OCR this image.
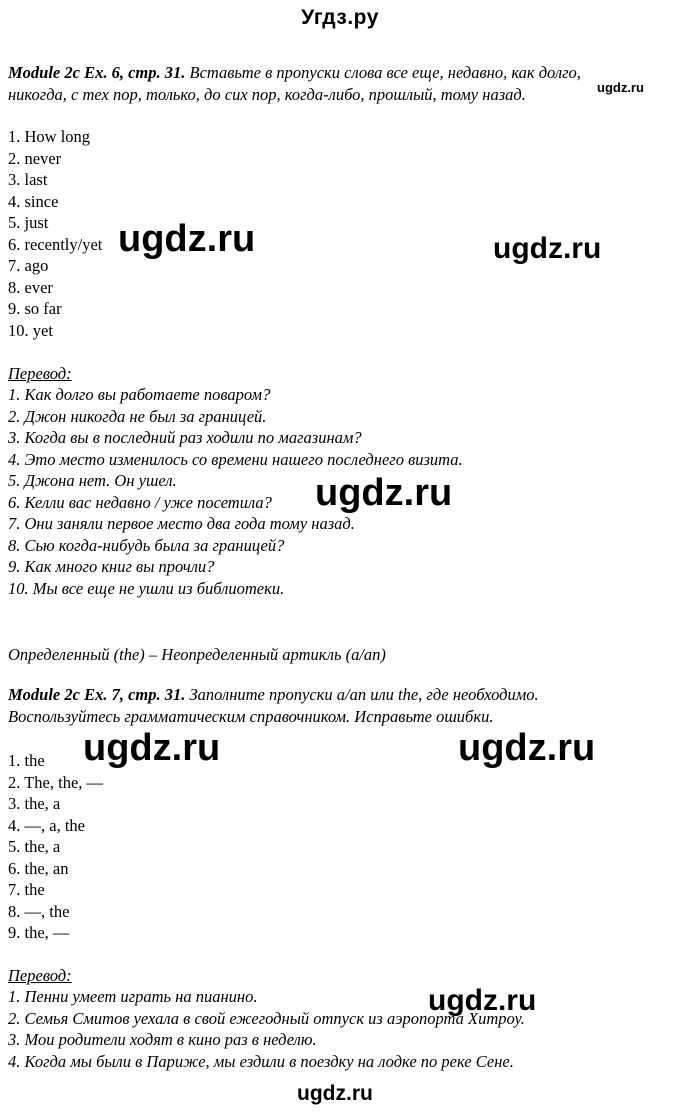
Угдз.ру
Module 2c Ex. 6, стр. 31. Вставьте в пропуски слова все еще, недавно, как долго,
никогда, с тех пор, только, до сих пор, когда-либо, прошлый, тому назад.	ugdz.ru
1. How long
2. never
3. last
4. since
5. just
6. recently/yet
7. ago
8. ever
9. so far
10. yet
ugdz.ru	ugdz.ru
Перевод:
1. Как долго вы работаете поваром?
2. Джон никогда не был за границей.
3. Когда вы в последний раз ходили по магазинам?
4. Это место изменилось со времени нашего последнего визита.
5. Джона нет. Он ушел.
6. Келли вас недавно / уже посетила?
7. Они заняли первое место два года тому назад.
8. Сью когда-нибудь была за границей?
9. Как много книг вы прочли?
10. Мы все еще не ушли из библиотеки.
ugdz.ru
Определенный (the) – Неопределенный артикль (a/an)
Module 2c Ex. 7, стр. 31. Заполните пропуски a/an или the, где необходимо.
Воспользуйтесь грамматическим справочником. Исправьте ошибки.
ugdz.ru	ugdz.ru
1. the
2. The, the, —
3. the, a
4. —, a, the
5. the, a
6. the, an
7. the
8. —, the
9. the, —
Перевод:
1. Пенни умеет играть на пианино.
2. Семья Смитов уехала в свой ежегодный отпуск из аэропорта Хитроу.
3. Мои родители ходят в кино раз в неделю.
4. Когда мы были в Париже, мы ездили в поездку на лодке по реке Сене.
ugdz.ru
ugdz.ru
